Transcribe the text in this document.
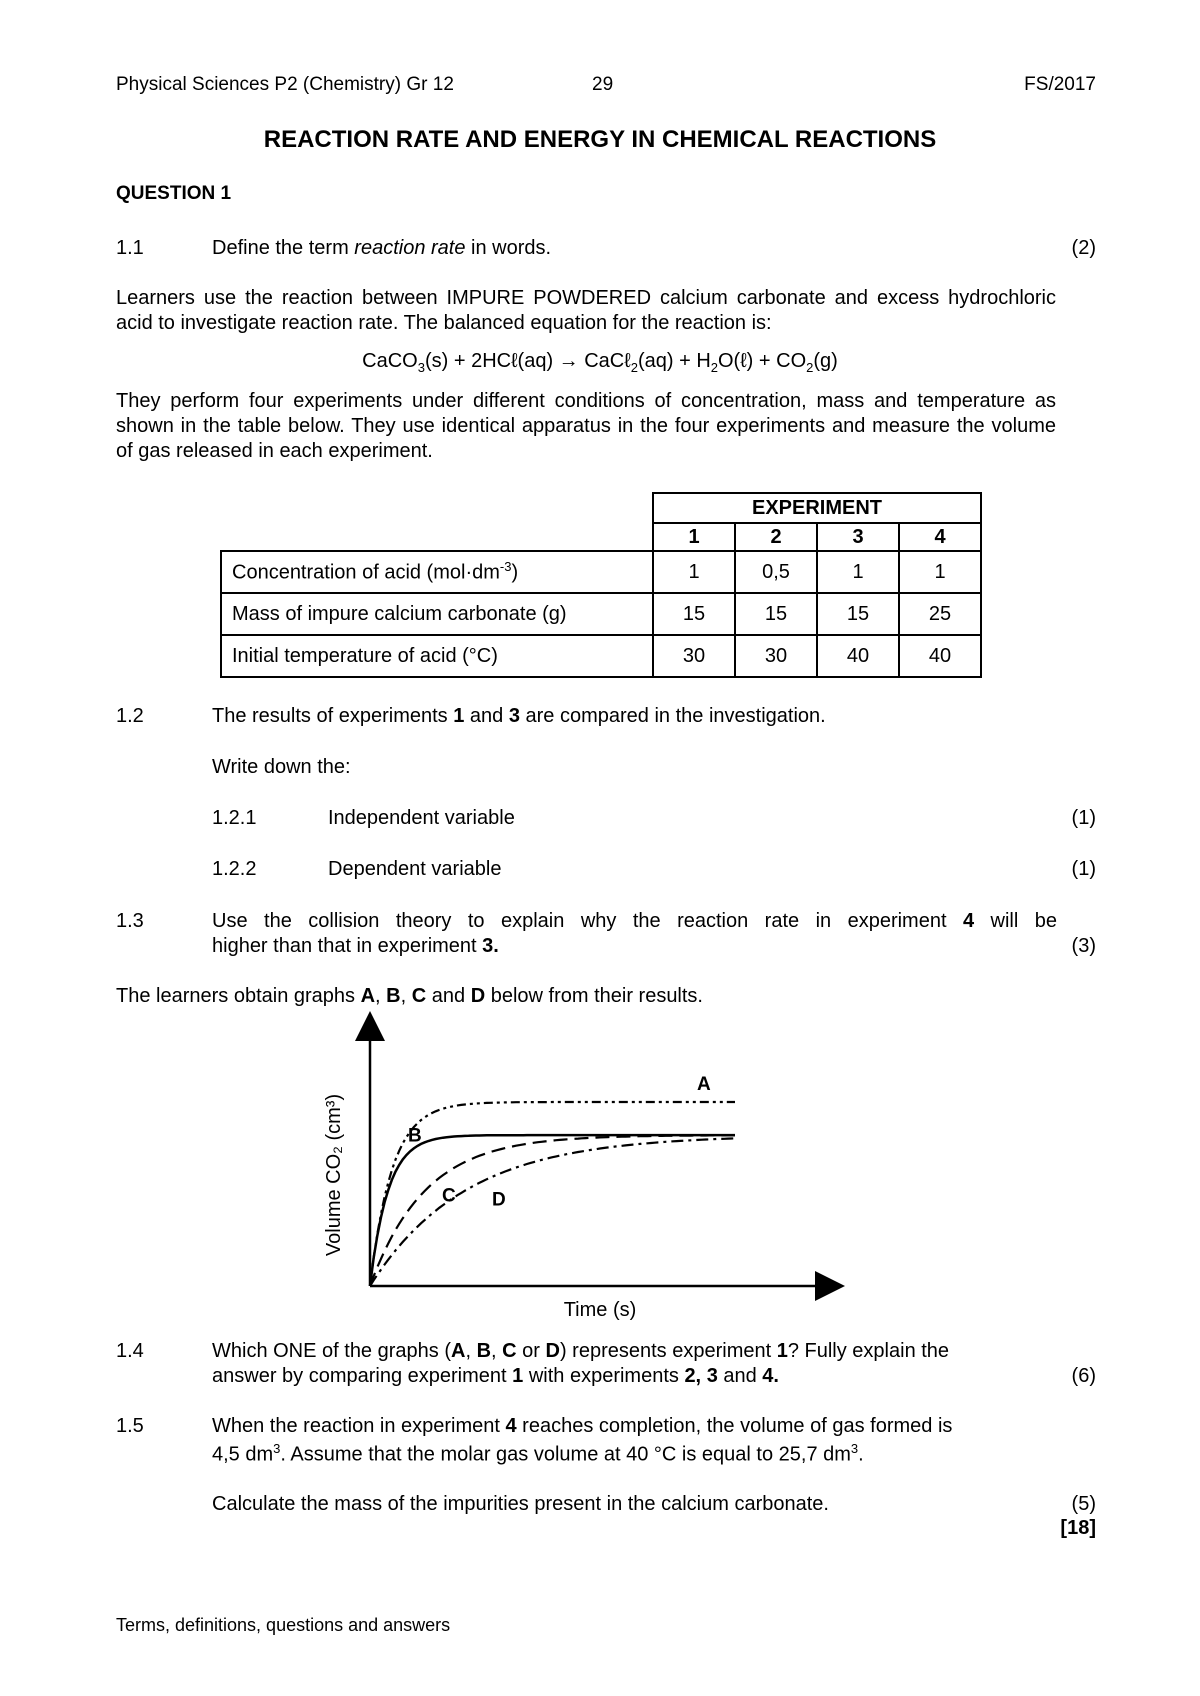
Physical Sciences P2 (Chemistry) Gr 12	29	FS/2017
REACTION RATE AND ENERGY IN CHEMICAL REACTIONS
QUESTION 1
1.1	Define the term reaction rate in words.	(2)
Learners use the reaction between IMPURE POWDERED calcium carbonate and excess hydrochloric acid to investigate reaction rate. The balanced equation for the reaction is:
CaCO$_3$(s) + 2HCℓ(aq) → CaCℓ$_2$(aq) + $H_2O(\ell) + CO_2(g)$
They perform four experiments under different conditions of concentration, mass and temperature as shown in the table below. They use identical apparatus in the four experiments and measure the volume of gas released in each experiment.
	EXPERIMENT			
	1	2	3	4
Concentration of acid $(mol\cdot dm^{-3})$	1	0,5	1	1
Mass of impure calcium carbonate (g)	15	15	15	25
Initial temperature of acid (°C)	30	30	40	40
1.2	The results of experiments 1 and 3 are compared in the investigation.
Write down the:
1.2.1	Independent variable	(1)
1.2.2	Dependent variable	(1)
1.3	Use the collision theory to explain why the reaction rate in experiment 4 will be
higher than that in experiment 3.	(3)
The learners obtain graphs A, B, C and D below from their results.
Volume CO₂ (cm³)
Time (s)
A
B
C D
1.4	Which ONE of the graphs (A, B, C or D) represents experiment 1? Fully explain the
answer by comparing experiment 1 with experiments 2, 3 and 4.	(6)
1.5	When the reaction in experiment 4 reaches completion, the volume of gas formed is
4,5 $dm^3$. Assume that the molar gas volume at 40 °C is equal to 25,7 $dm^3$.
Calculate the mass of the impurities present in the calcium carbonate.	(5)
[18]
Terms, definitions, questions and answers
